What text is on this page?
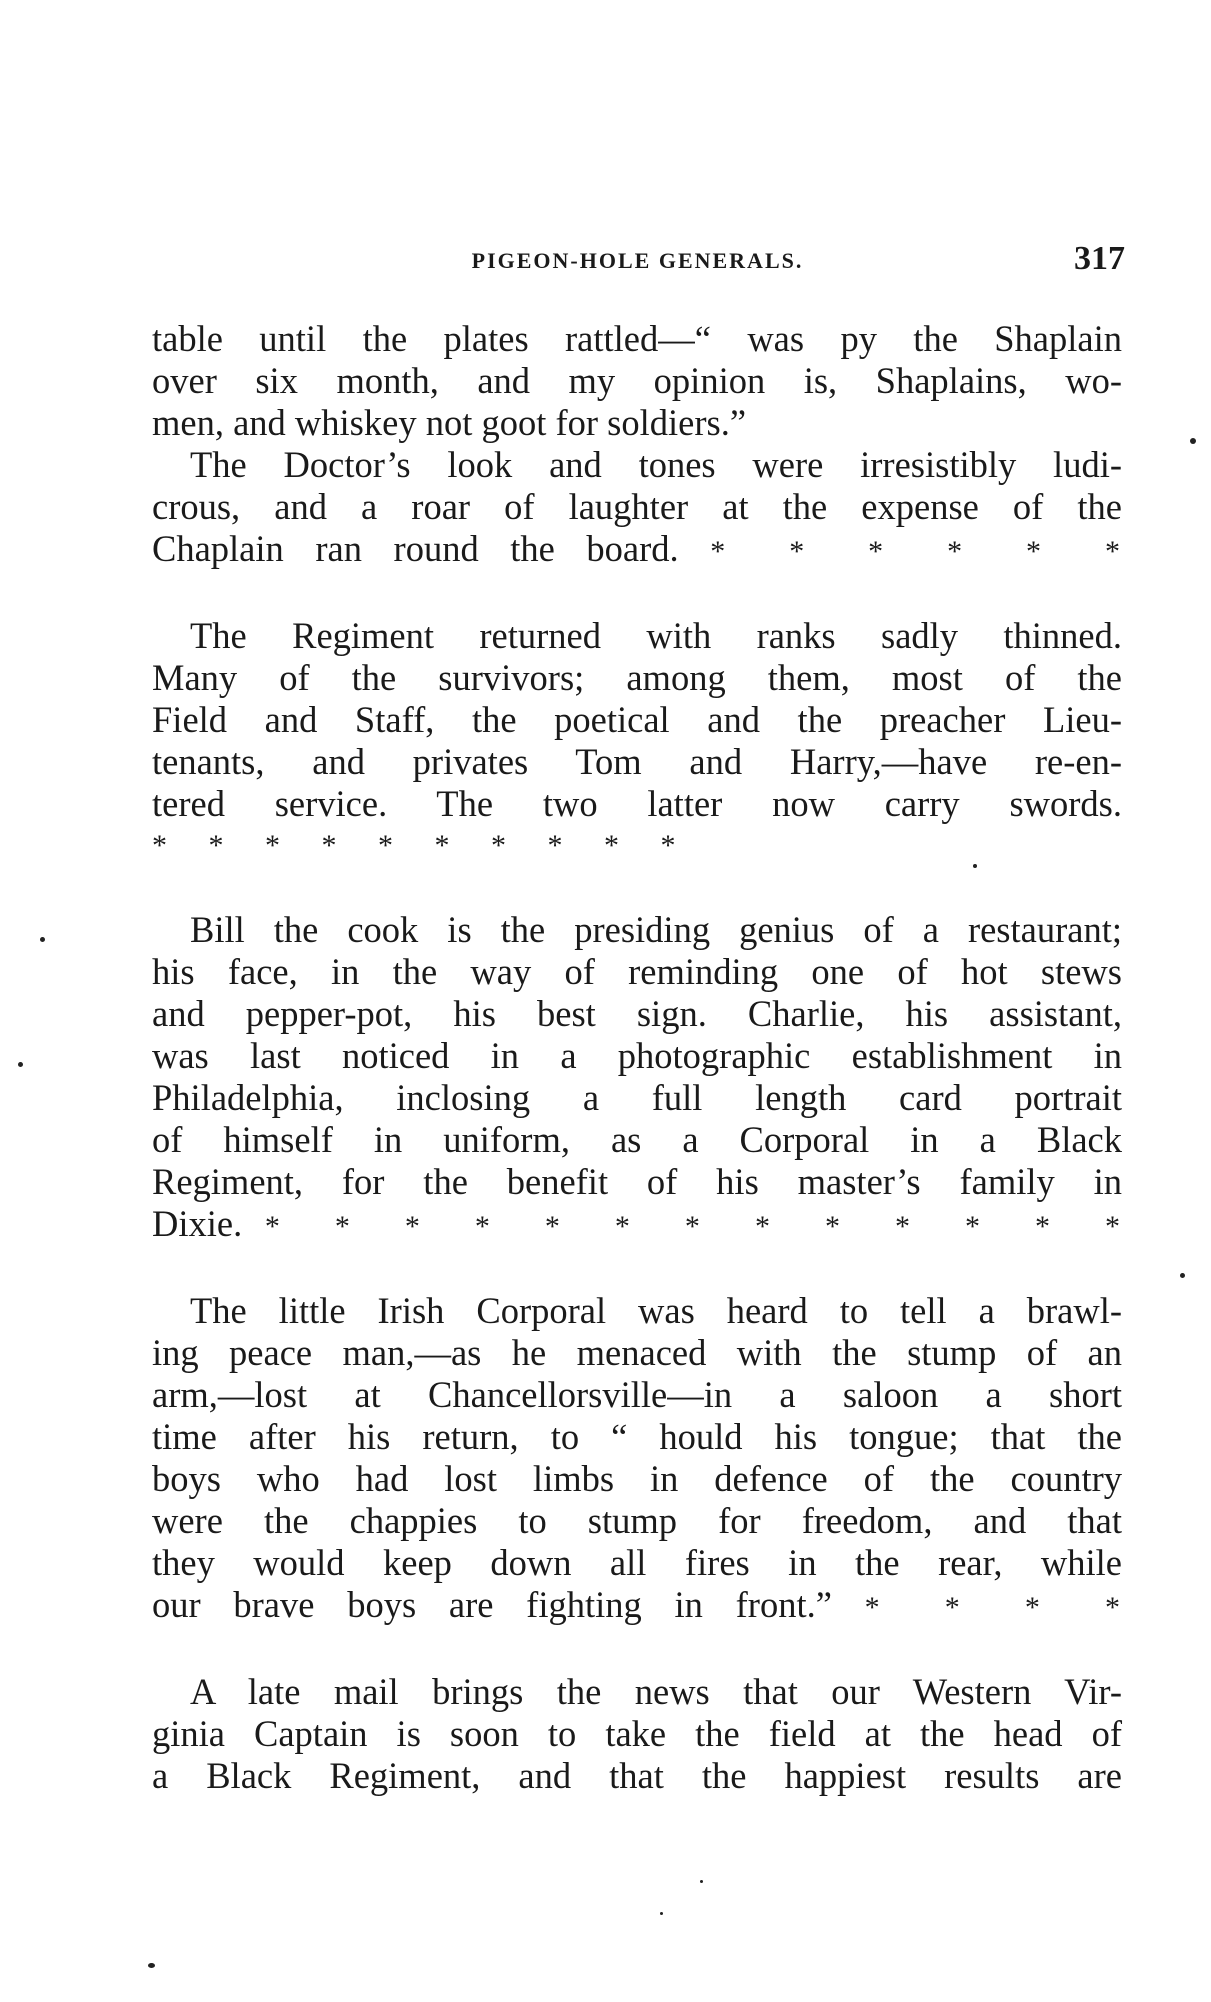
PIGEON-HOLE GENERALS.	317
table until the plates rattled—“ was py the Shaplain
over six month, and my opinion is, Shaplains, wo-
men, and whiskey not goot for soldiers.”
The Doctor’s look and tones were irresistibly ludi-
crous, and a roar of laughter at the expense of the
Chaplain ran round the board. * * * * * *
The Regiment returned with ranks sadly thinned.
Many of the survivors; among them, most of the
Field and Staff, the poetical and the preacher Lieu-
tenants, and privates Tom and Harry,—have re-en-
tered service. The two latter now carry swords.
* * * * * * * * * *
Bill the cook is the presiding genius of a restaurant;
his face, in the way of reminding one of hot stews
and pepper-pot, his best sign. Charlie, his assistant,
was last noticed in a photographic establishment in
Philadelphia, inclosing a full length card portrait
of himself in uniform, as a Corporal in a Black
Regiment, for the benefit of his master’s family in
Dixie. * * * * * * * * * * * * *
The little Irish Corporal was heard to tell a brawl-
ing peace man,—as he menaced with the stump of an
arm,—lost at Chancellorsville—in a saloon a short
time after his return, to “ hould his tongue; that the
boys who had lost limbs in defence of the country
were the chappies to stump for freedom, and that
they would keep down all fires in the rear, while
our brave boys are fighting in front.” * * * *
A late mail brings the news that our Western Vir-
ginia Captain is soon to take the field at the head of
a Black Regiment, and that the happiest results are
